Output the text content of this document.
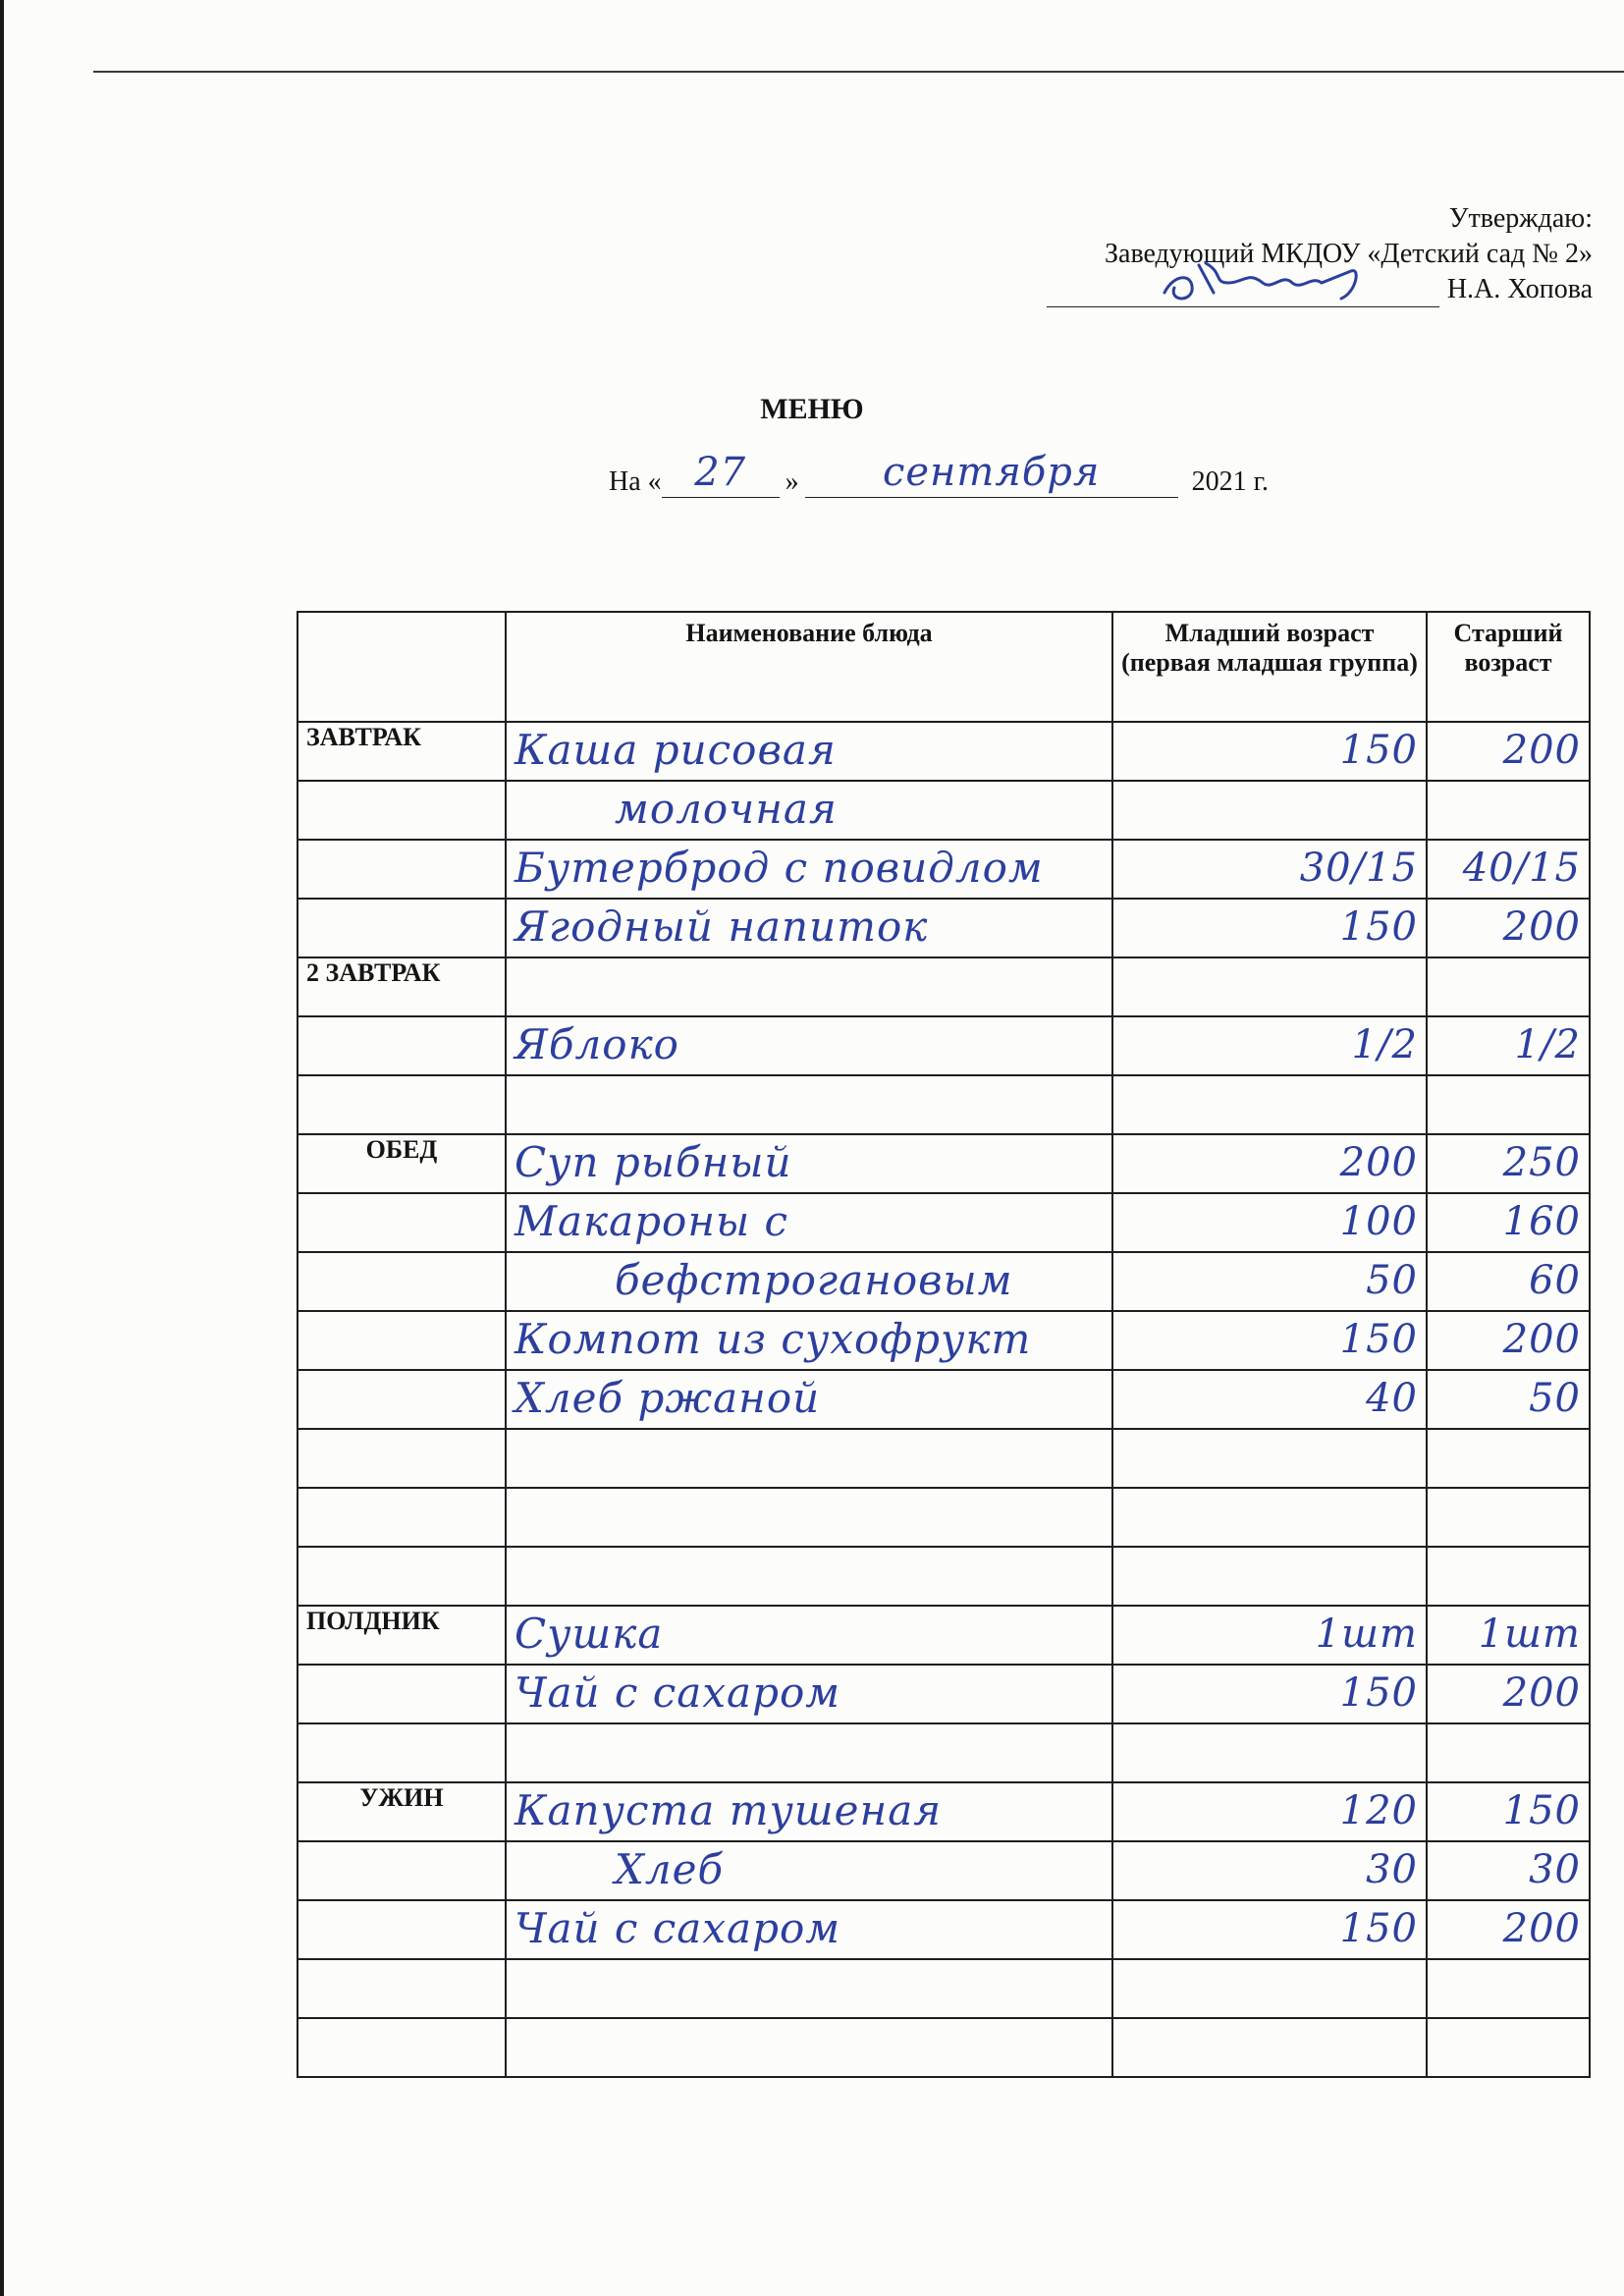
Утверждаю:

Заведующий МКДОУ «Детский сад № 2»

Н.А. Хопова
МЕНЮ
На « 27	»	сентября	2021 г.
	Наименование блюда	Младший возраст (первая младшая группа)	Старший возраст
ЗАВТРАК	Каша рисовая	150	200
	молочная		
	Бутерброд с повидлом	30/15	40/15
	Ягодный напиток	150	200
2 ЗАВТРАК			
	Яблоко	1/2	1/2

ОБЕД	Суп рыбный	200	250
	Макароны с	100	160
	бефстрогановым	50	60
	Компот из сухофрукт	150	200
	Хлеб ржаной	40	50

ПОЛДНИК	Сушка	1шт	1шт
	Чай с сахаром	150	200

УЖИН	Капуста тушеная	120	150
	Хлеб	30	30
	Чай с сахаром	150	200
